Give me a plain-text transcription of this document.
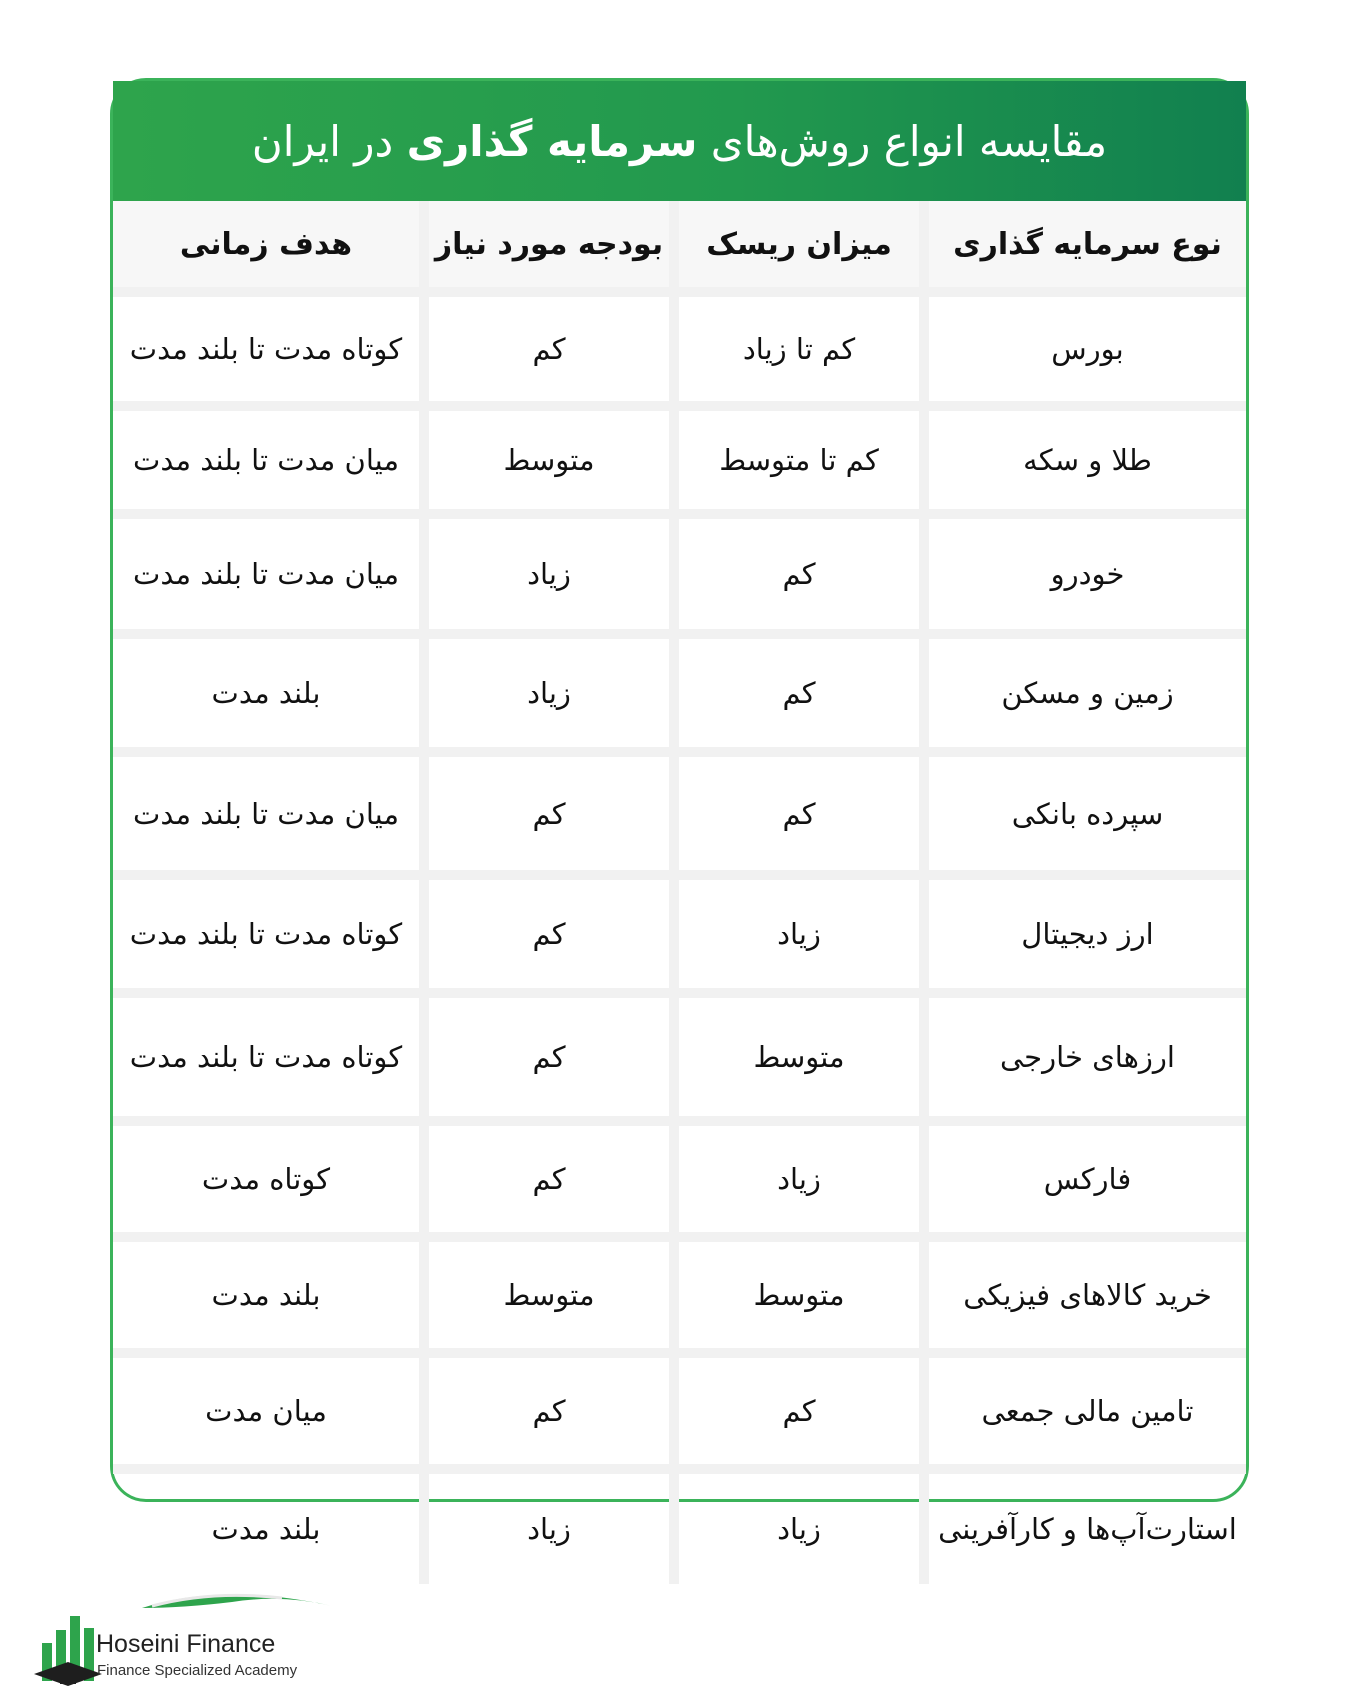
مقایسه انواع روش‌های

سرمایه گذاری

در ایران
نوع سرمایه گذاری
میزان ریسک
بودجه مورد نیاز
هدف زمانی
بورس
کم تا زیاد
کم
کوتاه مدت تا بلند مدت
طلا و سکه
کم تا متوسط
متوسط
میان مدت تا بلند مدت
خودرو
کم
زیاد
میان مدت تا بلند مدت
زمین و مسکن
کم
زیاد
بلند مدت
سپرده بانکی
کم
کم
میان مدت تا بلند مدت
ارز دیجیتال
زیاد
کم
کوتاه مدت تا بلند مدت
ارزهای خارجی
متوسط
کم
کوتاه مدت تا بلند مدت
فارکس
زیاد
کم
کوتاه مدت
خرید کالاهای فیزیکی
متوسط
متوسط
بلند مدت
تامین مالی جمعی
کم
کم
میان مدت
استارت‌آپ‌ها و کارآفرینی
زیاد
زیاد
بلند مدت
Hoseini Finance
Finance Specialized Academy
